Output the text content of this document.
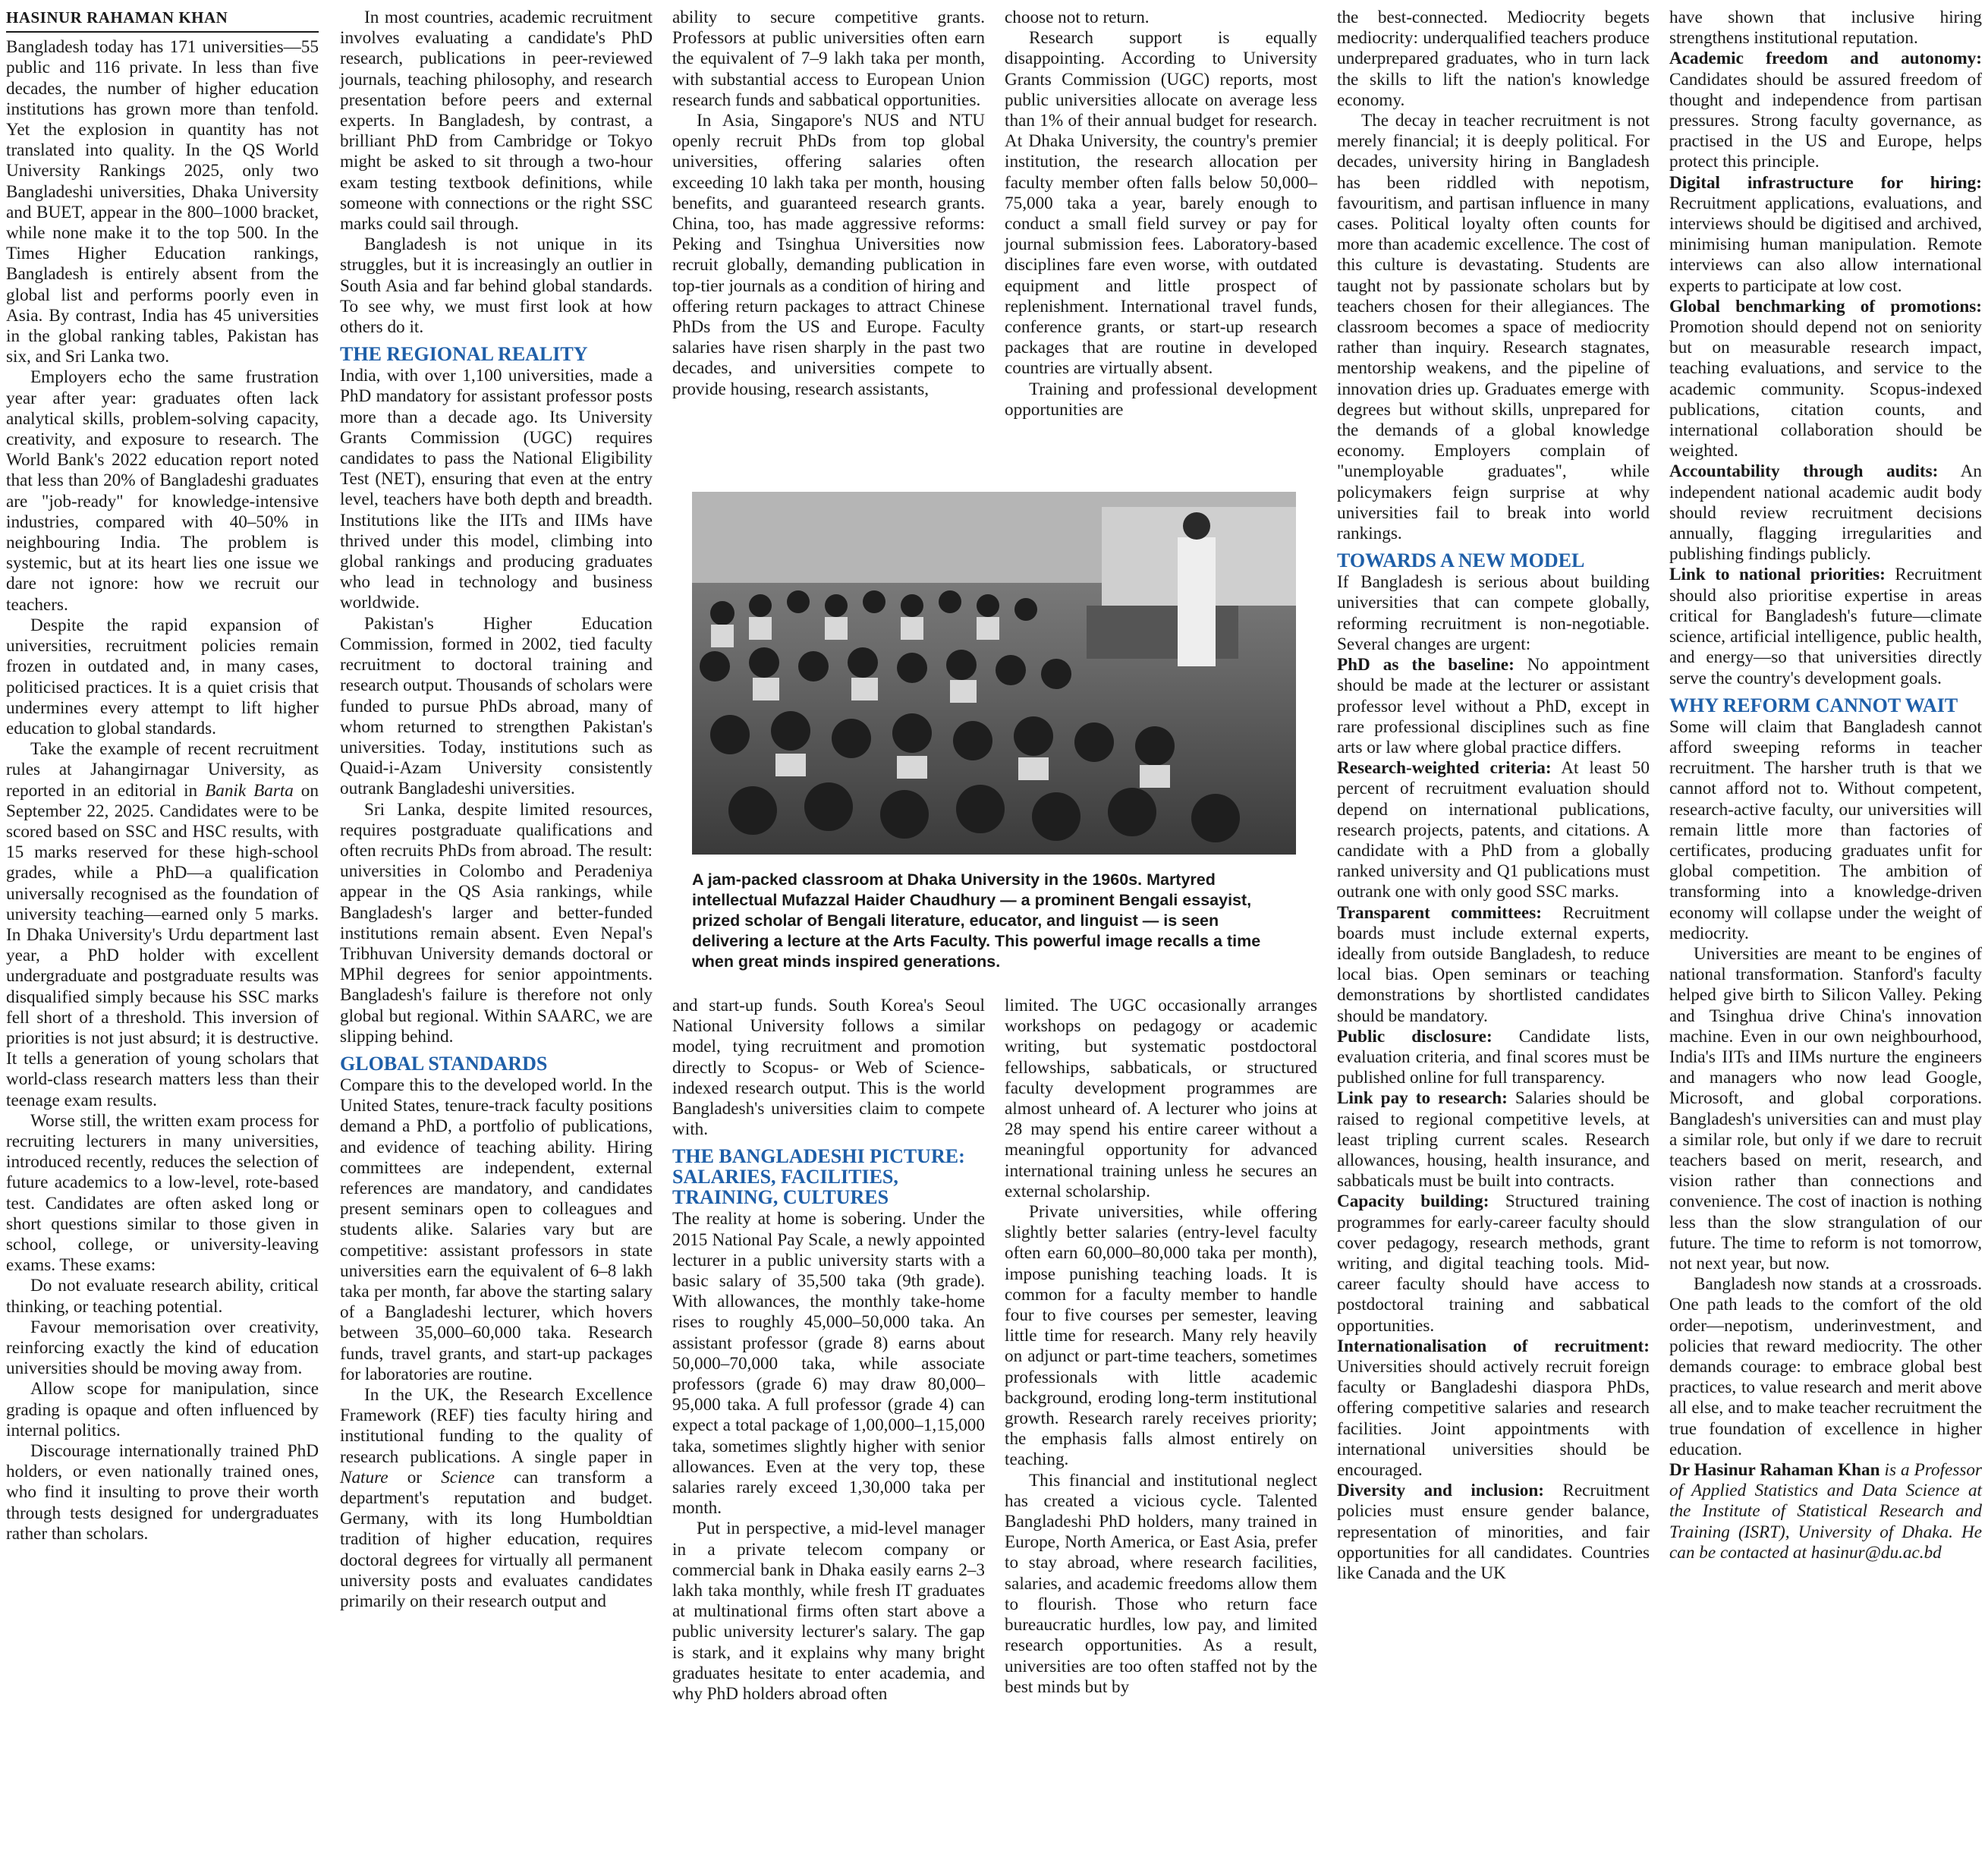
HASINUR RAHAMAN KHAN

Bangladesh today has 171 universities—55 public and 116 private. In less than five decades, the number of higher education institutions has grown more than tenfold. Yet the explosion in quantity has not translated into quality. In the QS World University Rankings 2025, only two Bangladeshi universities, Dhaka University and BUET, appear in the 800–1000 bracket, while none make it to the top 500. In the Times Higher Education rankings, Bangladesh is entirely absent from the global list and performs poorly even in Asia. By contrast, India has 45 universities in the global ranking tables, Pakistan has six, and Sri Lanka two.

Employers echo the same frustration year after year: graduates often lack analytical skills, problem-solving capacity, creativity, and exposure to research. The World Bank's 2022 education report noted that less than 20% of Bangladeshi graduates are "job-ready" for knowledge-intensive industries, compared with 40–50% in neighbouring India. The problem is systemic, but at its heart lies one issue we dare not ignore: how we recruit our teachers.

Despite the rapid expansion of universities, recruitment policies remain frozen in outdated and, in many cases, politicised practices. It is a quiet crisis that undermines every attempt to lift higher education to global standards.

Take the example of recent recruitment rules at Jahangirnagar University, as reported in an editorial in Banik Barta on September 22, 2025. Candidates were to be scored based on SSC and HSC results, with 15 marks reserved for these high-school grades, while a PhD—a qualification universally recognised as the foundation of university teaching—earned only 5 marks. In Dhaka University's Urdu department last year, a PhD holder with excellent undergraduate and postgraduate results was disqualified simply because his SSC marks fell short of a threshold. This inversion of priorities is not just absurd; it is destructive. It tells a generation of young scholars that world-class research matters less than their teenage exam results.

Worse still, the written exam process for recruiting lecturers in many universities, introduced recently, reduces the selection of future academics to a low-level, rote-based test. Candidates are often asked long or short questions similar to those given in school, college, or university-leaving exams. These exams:

Do not evaluate research ability, critical thinking, or teaching potential.

Favour memorisation over creativity, reinforcing exactly the kind of education universities should be moving away from.

Allow scope for manipulation, since grading is opaque and often influenced by internal politics.

Discourage internationally trained PhD holders, or even nationally trained ones, who find it insulting to prove their worth through tests designed for undergraduates rather than scholars.

In most countries, academic recruitment involves evaluating a candidate's PhD research, publications in peer-reviewed journals, teaching philosophy, and research presentation before peers and external experts. In Bangladesh, by contrast, a brilliant PhD from Cambridge or Tokyo might be asked to sit through a two-hour exam testing textbook definitions, while someone with connections or the right SSC marks could sail through.

Bangladesh is not unique in its struggles, but it is increasingly an outlier in South Asia and far behind global standards. To see why, we must first look at how others do it.

THE REGIONAL REALITY

India, with over 1,100 universities, made a PhD mandatory for assistant professor posts more than a decade ago. Its University Grants Commission (UGC) requires candidates to pass the National Eligibility Test (NET), ensuring that even at the entry level, teachers have both depth and breadth. Institutions like the IITs and IIMs have thrived under this model, climbing into global rankings and producing graduates who lead in technology and business worldwide.

Pakistan's Higher Education Commission, formed in 2002, tied faculty recruitment to doctoral training and research output. Thousands of scholars were funded to pursue PhDs abroad, many of whom returned to strengthen Pakistan's universities. Today, institutions such as Quaid-i-Azam University consistently outrank Bangladeshi universities.

Sri Lanka, despite limited resources, requires postgraduate qualifications and often recruits PhDs from abroad. The result: universities in Colombo and Peradeniya appear in the QS Asia rankings, while Bangladesh's larger and better-funded institutions remain absent. Even Nepal's Tribhuvan University demands doctoral or MPhil degrees for senior appointments. Bangladesh's failure is therefore not only global but regional. Within SAARC, we are slipping behind.

GLOBAL STANDARDS

Compare this to the developed world. In the United States, tenure-track faculty positions demand a PhD, a portfolio of publications, and evidence of teaching ability. Hiring committees are independent, external references are mandatory, and candidates present seminars open to colleagues and students alike. Salaries vary but are competitive: assistant professors in state universities earn the equivalent of 6–8 lakh taka per month, far above the starting salary of a Bangladeshi lecturer, which hovers between 35,000–60,000 taka. Research funds, travel grants, and start-up packages for laboratories are routine.

In the UK, the Research Excellence Framework (REF) ties faculty hiring and institutional funding to the quality of research publications. A single paper in Nature or Science can transform a department's reputation and budget. Germany, with its long Humboldtian tradition of higher education, requires doctoral degrees for virtually all permanent university posts and evaluates candidates primarily on their research output and

ability to secure competitive grants. Professors at public universities often earn the equivalent of 7–9 lakh taka per month, with substantial access to European Union research funds and sabbatical opportunities.

In Asia, Singapore's NUS and NTU openly recruit PhDs from top global universities, offering salaries often exceeding 10 lakh taka per month, housing benefits, and guaranteed research grants. China, too, has made aggressive reforms: Peking and Tsinghua Universities now recruit globally, demanding publication in top-tier journals as a condition of hiring and offering return packages to attract Chinese PhDs from the US and Europe. Faculty salaries have risen sharply in the past two decades, and universities compete to provide housing, research assistants,

choose not to return.

Research support is equally disappointing. According to University Grants Commission (UGC) reports, most public universities allocate on average less than 1% of their annual budget for research. At Dhaka University, the country's premier institution, the research allocation per faculty member often falls below 50,000–75,000 taka a year, barely enough to conduct a small field survey or pay for journal submission fees. Laboratory-based disciplines fare even worse, with outdated equipment and little prospect of replenishment. International travel funds, conference grants, or start-up research packages that are routine in developed countries are virtually absent.

Training and professional development opportunities are

A jam-packed classroom at Dhaka University in the 1960s. Martyred intellectual Mufazzal Haider Chaudhury — a prominent Bengali essayist, prized scholar of Bengali literature, educator, and linguist — is seen delivering a lecture at the Arts Faculty. This powerful image recalls a time when great minds inspired generations.

and start-up funds. South Korea's Seoul National University follows a similar model, tying recruitment and promotion directly to Scopus- or Web of Science-indexed research output. This is the world Bangladesh's universities claim to compete with.

THE BANGLADESHI PICTURE: SALARIES, FACILITIES, TRAINING, CULTURES

The reality at home is sobering. Under the 2015 National Pay Scale, a newly appointed lecturer in a public university starts with a basic salary of 35,500 taka (9th grade). With allowances, the monthly take-home rises to roughly 45,000–50,000 taka. An assistant professor (grade 8) earns about 50,000–70,000 taka, while associate professors (grade 6) may draw 80,000–95,000 taka. A full professor (grade 4) can expect a total package of 1,00,000–1,15,000 taka, sometimes slightly higher with senior allowances. Even at the very top, these salaries rarely exceed 1,30,000 taka per month.

Put in perspective, a mid-level manager in a private telecom company or commercial bank in Dhaka easily earns 2–3 lakh taka monthly, while fresh IT graduates at multinational firms often start above a public university lecturer's salary. The gap is stark, and it explains why many bright graduates hesitate to enter academia, and why PhD holders abroad often

limited. The UGC occasionally arranges workshops on pedagogy or academic writing, but systematic postdoctoral fellowships, sabbaticals, or structured faculty development programmes are almost unheard of. A lecturer who joins at 28 may spend his entire career without a meaningful opportunity for advanced international training unless he secures an external scholarship.

Private universities, while offering slightly better salaries (entry-level faculty often earn 60,000–80,000 taka per month), impose punishing teaching loads. It is common for a faculty member to handle four to five courses per semester, leaving little time for research. Many rely heavily on adjunct or part-time teachers, sometimes professionals with little academic background, eroding long-term institutional growth. Research rarely receives priority; the emphasis falls almost entirely on teaching.

This financial and institutional neglect has created a vicious cycle. Talented Bangladeshi PhD holders, many trained in Europe, North America, or East Asia, prefer to stay abroad, where research facilities, salaries, and academic freedoms allow them to flourish. Those who return face bureaucratic hurdles, low pay, and limited research opportunities. As a result, universities are too often staffed not by the best minds but by

the best-connected. Mediocrity begets mediocrity: underqualified teachers produce underprepared graduates, who in turn lack the skills to lift the nation's knowledge economy.

The decay in teacher recruitment is not merely financial; it is deeply political. For decades, university hiring in Bangladesh has been riddled with nepotism, favouritism, and partisan influence in many cases. Political loyalty often counts for more than academic excellence. The cost of this culture is devastating. Students are taught not by passionate scholars but by teachers chosen for their allegiances. The classroom becomes a space of mediocrity rather than inquiry. Research stagnates, mentorship weakens, and the pipeline of innovation dries up. Graduates emerge with degrees but without skills, unprepared for the demands of a global knowledge economy. Employers complain of "unemployable graduates", while policymakers feign surprise at why universities fail to break into world rankings.

TOWARDS A NEW MODEL

If Bangladesh is serious about building universities that can compete globally, reforming recruitment is non-negotiable. Several changes are urgent:

PhD as the baseline: No appointment should be made at the lecturer or assistant professor level without a PhD, except in rare professional disciplines such as fine arts or law where global practice differs.

Research-weighted criteria: At least 50 percent of recruitment evaluation should depend on international publications, research projects, patents, and citations. A candidate with a PhD from a globally ranked university and Q1 publications must outrank one with only good SSC marks.

Transparent committees: Recruitment boards must include external experts, ideally from outside Bangladesh, to reduce local bias. Open seminars or teaching demonstrations by shortlisted candidates should be mandatory.

Public disclosure: Candidate lists, evaluation criteria, and final scores must be published online for full transparency.

Link pay to research: Salaries should be raised to regional competitive levels, at least tripling current scales. Research allowances, housing, health insurance, and sabbaticals must be built into contracts.

Capacity building: Structured training programmes for early-career faculty should cover pedagogy, research methods, grant writing, and digital teaching tools. Mid-career faculty should have access to postdoctoral training and sabbatical opportunities.

Internationalisation of recruitment: Universities should actively recruit foreign faculty or Bangladeshi diaspora PhDs, offering competitive salaries and research facilities. Joint appointments with international universities should be encouraged.

Diversity and inclusion: Recruitment policies must ensure gender balance, representation of minorities, and fair opportunities for all candidates. Countries like Canada and the UK

have shown that inclusive hiring strengthens institutional reputation.

Academic freedom and autonomy: Candidates should be assured freedom of thought and independence from partisan pressures. Strong faculty governance, as practised in the US and Europe, helps protect this principle.

Digital infrastructure for hiring: Recruitment applications, evaluations, and interviews should be digitised and archived, minimising human manipulation. Remote interviews can also allow international experts to participate at low cost.

Global benchmarking of promotions: Promotion should depend not on seniority but on measurable research impact, teaching evaluations, and service to the academic community. Scopus-indexed publications, citation counts, and international collaboration should be weighted.

Accountability through audits: An independent national academic audit body should review recruitment decisions annually, flagging irregularities and publishing findings publicly.

Link to national priorities: Recruitment should also prioritise expertise in areas critical for Bangladesh's future—climate science, artificial intelligence, public health, and energy—so that universities directly serve the country's development goals.

WHY REFORM CANNOT WAIT

Some will claim that Bangladesh cannot afford sweeping reforms in teacher recruitment. The harsher truth is that we cannot afford not to. Without competent, research-active faculty, our universities will remain little more than factories of certificates, producing graduates unfit for global competition. The ambition of transforming into a knowledge-driven economy will collapse under the weight of mediocrity.

Universities are meant to be engines of national transformation. Stanford's faculty helped give birth to Silicon Valley. Peking and Tsinghua drive China's innovation machine. Even in our own neighbourhood, India's IITs and IIMs nurture the engineers and managers who now lead Google, Microsoft, and global corporations. Bangladesh's universities can and must play a similar role, but only if we dare to recruit teachers based on merit, research, and vision rather than connections and convenience. The cost of inaction is nothing less than the slow strangulation of our future. The time to reform is not tomorrow, not next year, but now.

Bangladesh now stands at a crossroads. One path leads to the comfort of the old order—nepotism, underinvestment, and policies that reward mediocrity. The other demands courage: to embrace global best practices, to value research and merit above all else, and to make teacher recruitment the true foundation of excellence in higher education.

Dr Hasinur Rahaman Khan is a Professor of Applied Statistics and Data Science at the Institute of Statistical Research and Training (ISRT), University of Dhaka. He can be contacted at hasinur@du.ac.bd
